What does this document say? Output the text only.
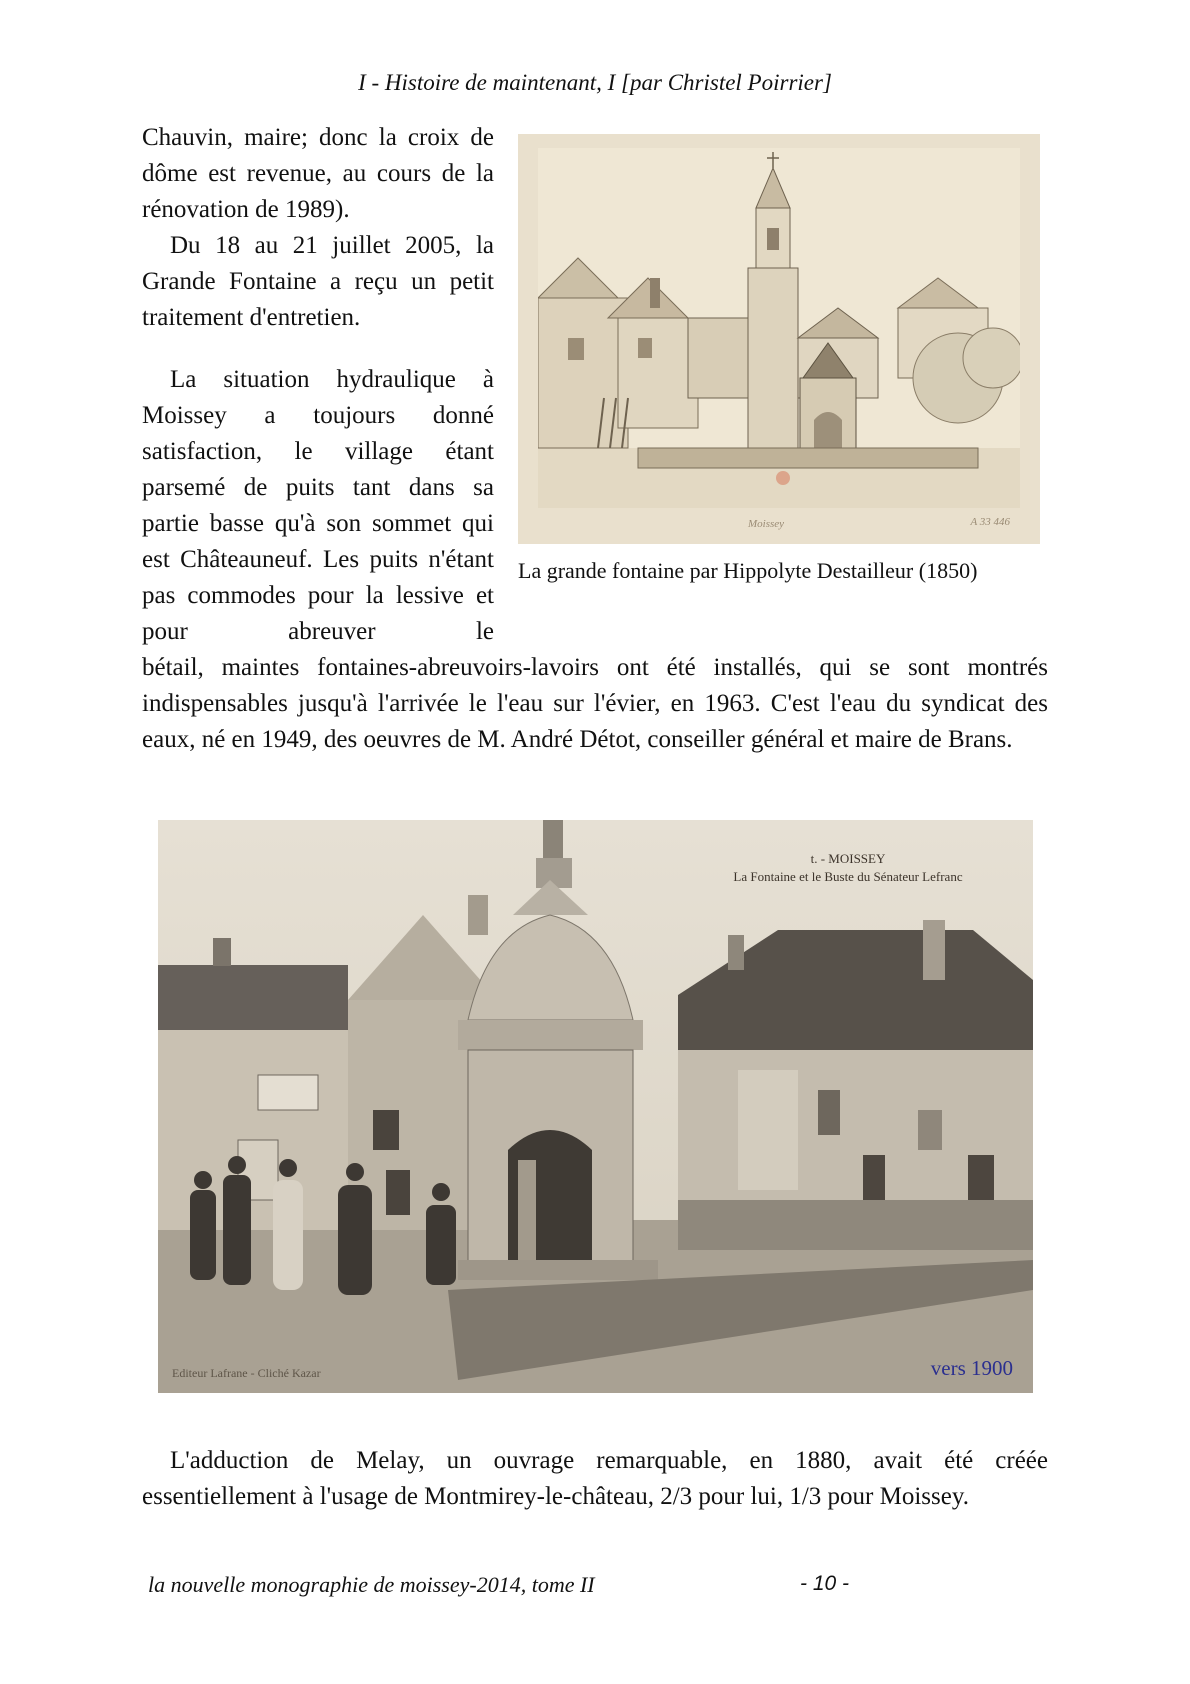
I - Histoire de maintenant, I [par Christel Poirrier]

Chauvin, maire; donc la croix de dôme est revenue, au cours de la rénovation de 1989).

Du 18 au 21 juillet 2005, la Grande Fontaine a reçu un petit traitement d'entretien.

La situation hydraulique à Moissey a toujours donné satisfaction, le village étant parsemé de puits tant dans sa partie basse qu'à son sommet qui est Châteauneuf. Les puits n'étant pas commodes pour la lessive et pour abreuver le

bétail, maintes fontaines-abreuvoirs-lavoirs ont été installés, qui se sont montrés indispensables jusqu'à l'arrivée le l'eau sur l'évier, en 1963. C'est l'eau du syndicat des eaux, né en 1949, des oeuvres de M. André Détot, conseiller général et maire de Brans.

Moissey	A 33 446
La grande fontaine par Hippolyte Destailleur (1850)
t. - MOISSEY
La Fontaine et le Buste du Sénateur Lefranc
Editeur Lafrane - Cliché Kazar	vers 1900

L'adduction de Melay, un ouvrage remarquable, en 1880, avait été créée essentiellement à l'usage de Montmirey-le-château, 2/3 pour lui, 1/3 pour Moissey.

la nouvelle monographie de moissey-2014, tome II	- 10 -
